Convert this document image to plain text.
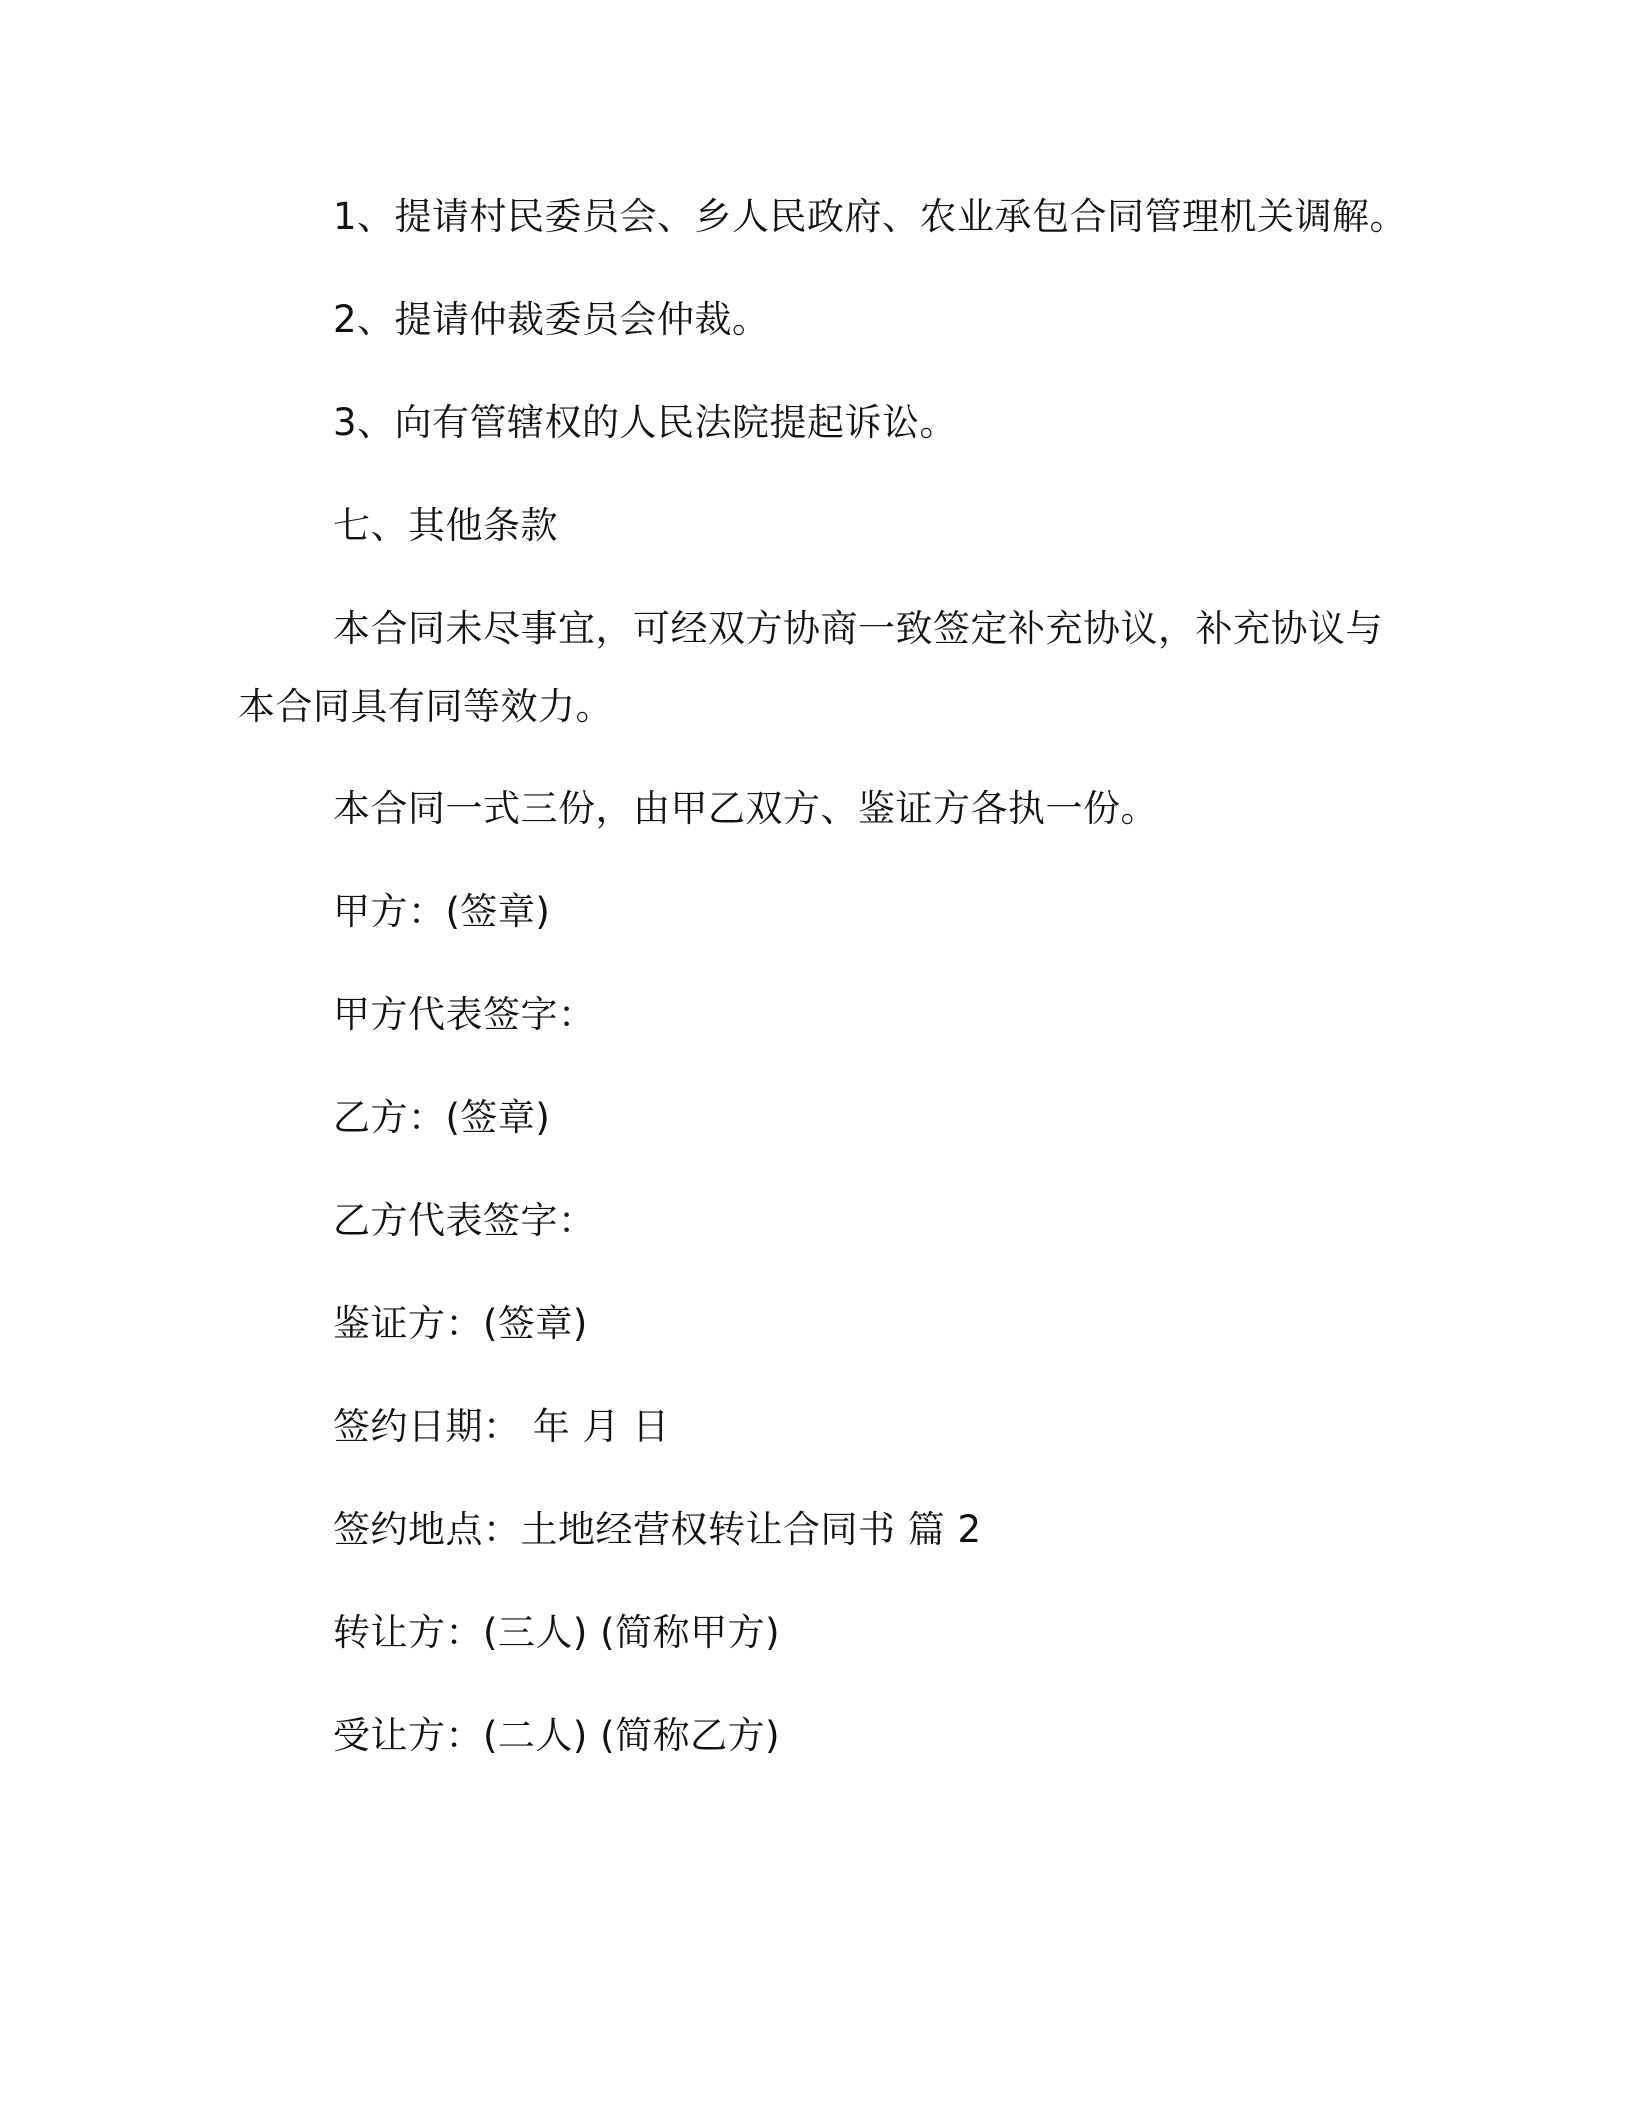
1、提请村民委员会、乡人民政府、农业承包合同管理机关调解。
2、提请仲裁委员会仲裁。
3、向有管辖权的人民法院提起诉讼。
七、其他条款
本合同未尽事宜，可经双方协商一致签定补充协议，补充协议与
本合同具有同等效力。
本合同一式三份，由甲乙双方、鉴证方各执一份。
甲方：(签章)
甲方代表签字：
乙方：(签章)
乙方代表签字：
鉴证方：(签章)
签约日期： 年 月 日
签约地点：土地经营权转让合同书 篇 2
转让方：(三人) (简称甲方)
受让方：(二人) (简称乙方)
